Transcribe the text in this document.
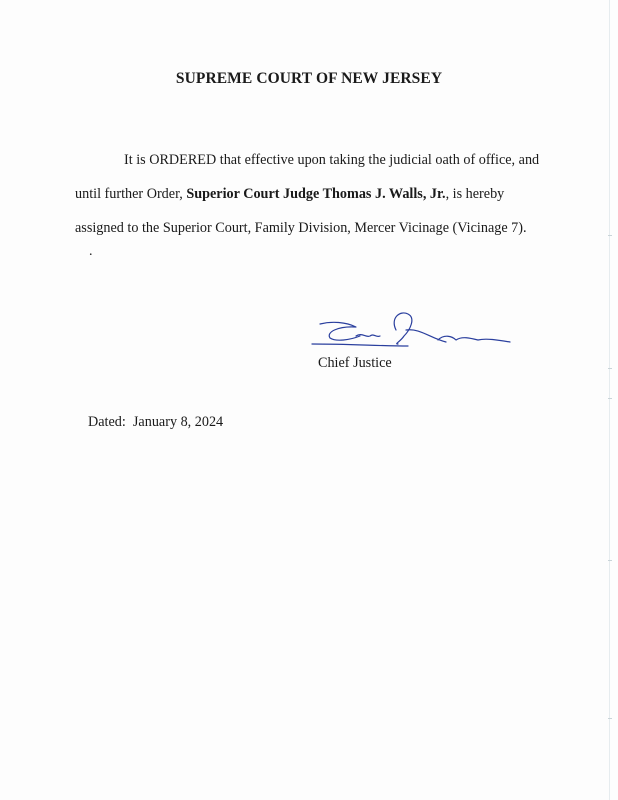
SUPREME COURT OF NEW JERSEY

It is ORDERED that effective upon taking the judicial oath of office, and

until further Order, Superior Court Judge Thomas J. Walls, Jr., is hereby

assigned to the Superior Court, Family Division, Mercer Vicinage (Vicinage 7).

.
Chief Justice
Dated:  January 8, 2024
